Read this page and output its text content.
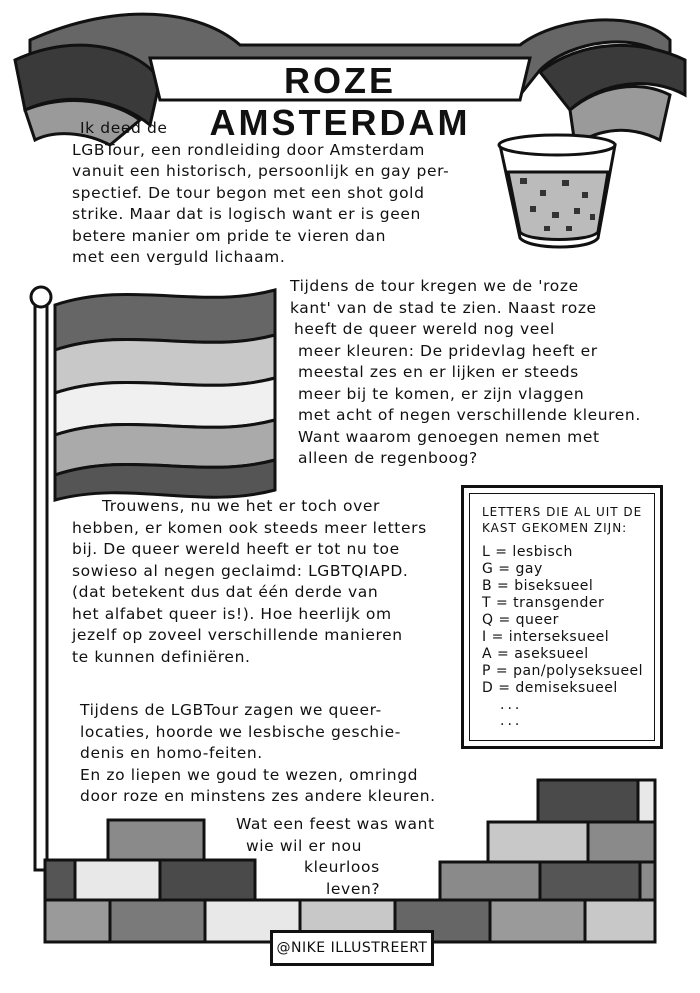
ROZE AMSTERDAM

Ik deed de

LGBTour, een rondleiding door Amsterdam

vanuit een historisch, persoonlijk en gay per-

spectief. De tour begon met een shot gold

strike. Maar dat is logisch want er is geen

betere manier om pride te vieren dan

met een verguld lichaam.

Tijdens de tour kregen we de 'roze

kant' van de stad te zien. Naast roze

heeft de queer wereld nog veel

meer kleuren: De pridevlag heeft er

meestal zes en er lijken er steeds

meer bij te komen, er zijn vlaggen

met acht of negen verschillende kleuren.

Want waarom genoegen nemen met

alleen de regenboog?

Trouwens, nu we het er toch over

hebben, er komen ook steeds meer letters

bij. De queer wereld heeft er tot nu toe

sowieso al negen geclaimd: LGBTQIAPD.

(dat betekent dus dat één derde van

het alfabet queer is!). Hoe heerlijk om

jezelf op zoveel verschillende manieren

te kunnen definiëren.

LETTERS DIE AL UIT DE
KAST GEKOMEN ZIJN:
L = lesbisch
G = gay
B = biseksueel
T = transgender
Q = queer
I = interseksueel
A = aseksueel
P = pan/polyseksueel
D = demiseksueel
...
...

Tijdens de LGBTour zagen we queer-

locaties, hoorde we lesbische geschie-

denis en homo-feiten.

En zo liepen we goud te wezen, omringd

door roze en minstens zes andere kleuren.

Wat een feest was want

wie wil er nou

kleurloos

leven?

@NIKE ILLUSTREERT
